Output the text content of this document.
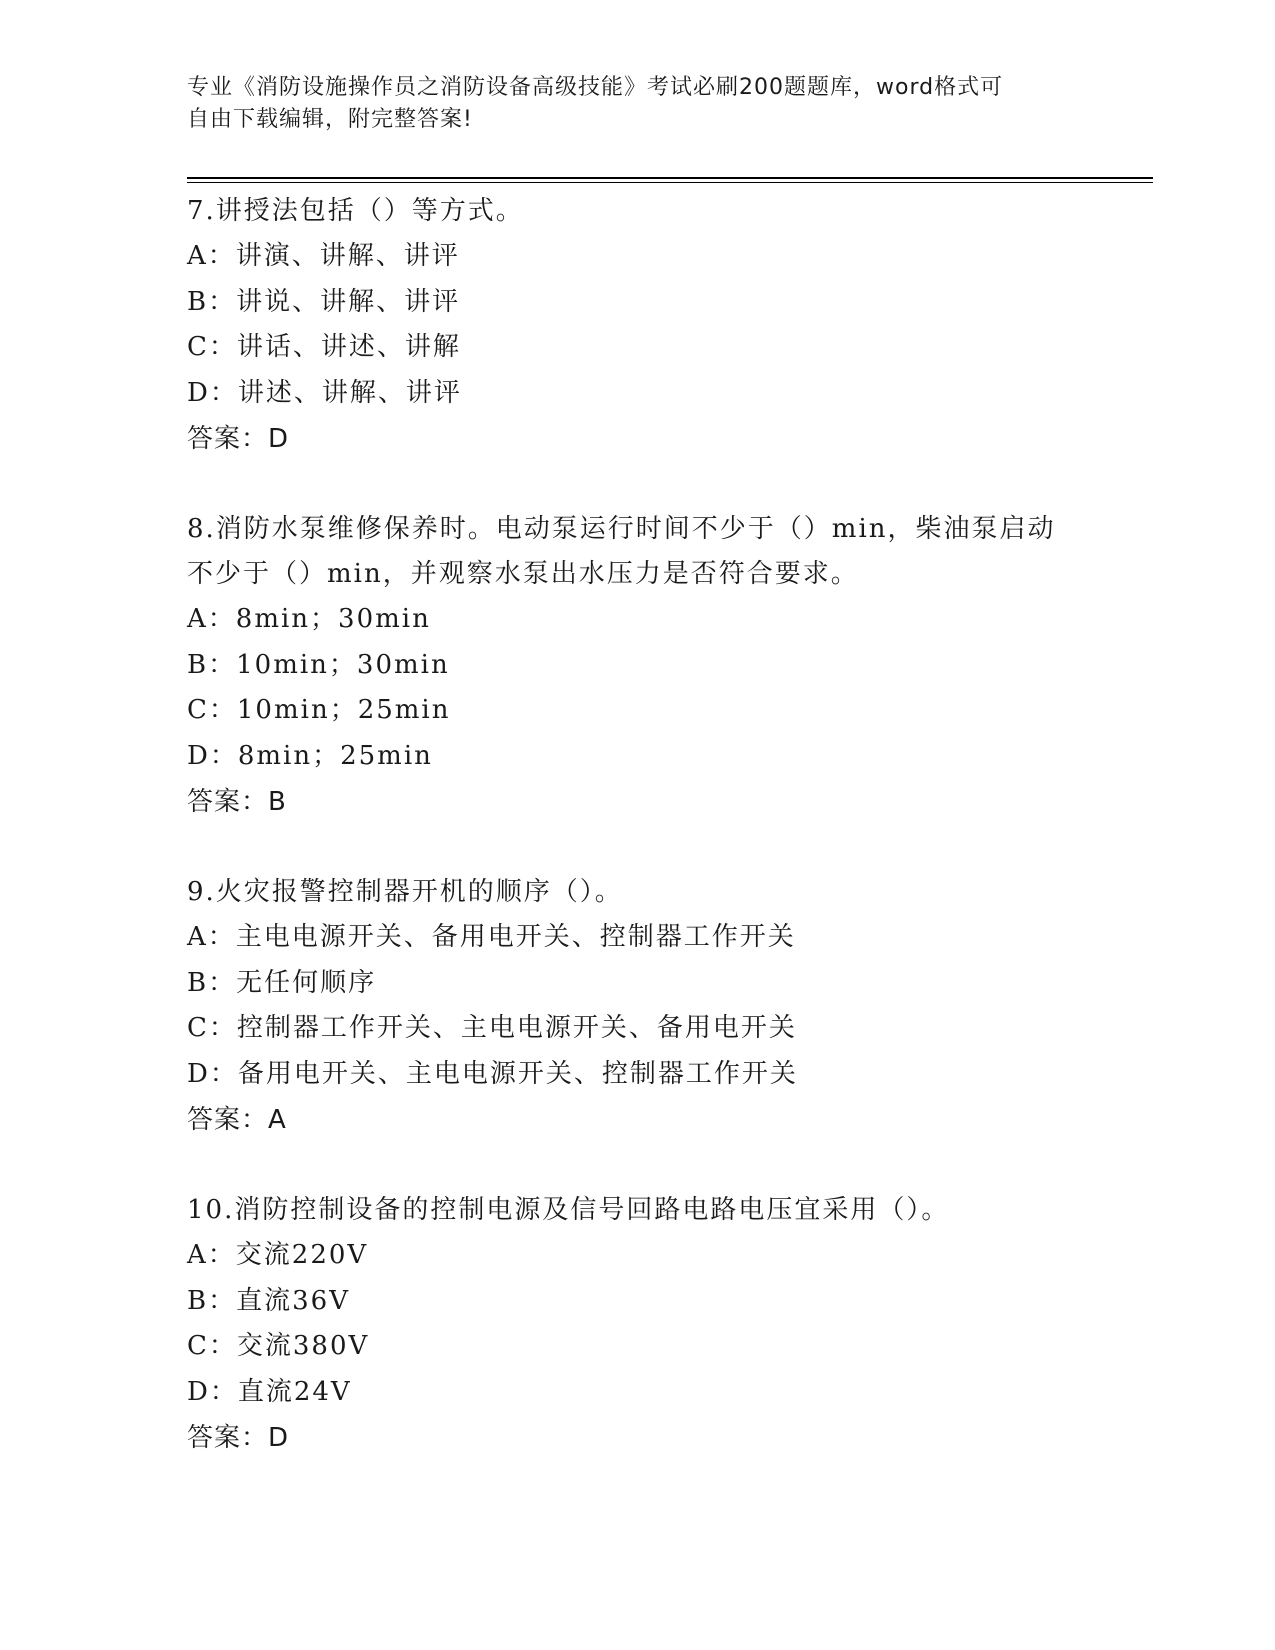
专业《消防设施操作员之消防设备高级技能》考试必刷200题题库，word格式可
自由下载编辑，附完整答案!
7.讲授法包括（）等方式。
A：讲演、讲解、讲评
B：讲说、讲解、讲评
C：讲话、讲述、讲解
D：讲述、讲解、讲评
答案：D
8.消防水泵维修保养时。电动泵运行时间不少于（）min，柴油泵启动
不少于（）min，并观察水泵出水压力是否符合要求。
A：8min；30min
B：10min；30min
C：10min；25min
D：8min；25min
答案：B
9.火灾报警控制器开机的顺序（）。
A：主电电源开关、备用电开关、控制器工作开关
B：无任何顺序
C：控制器工作开关、主电电源开关、备用电开关
D：备用电开关、主电电源开关、控制器工作开关
答案：A
10.消防控制设备的控制电源及信号回路电路电压宜采用（）。
A：交流220V
B：直流36V
C：交流380V
D：直流24V
答案：D
